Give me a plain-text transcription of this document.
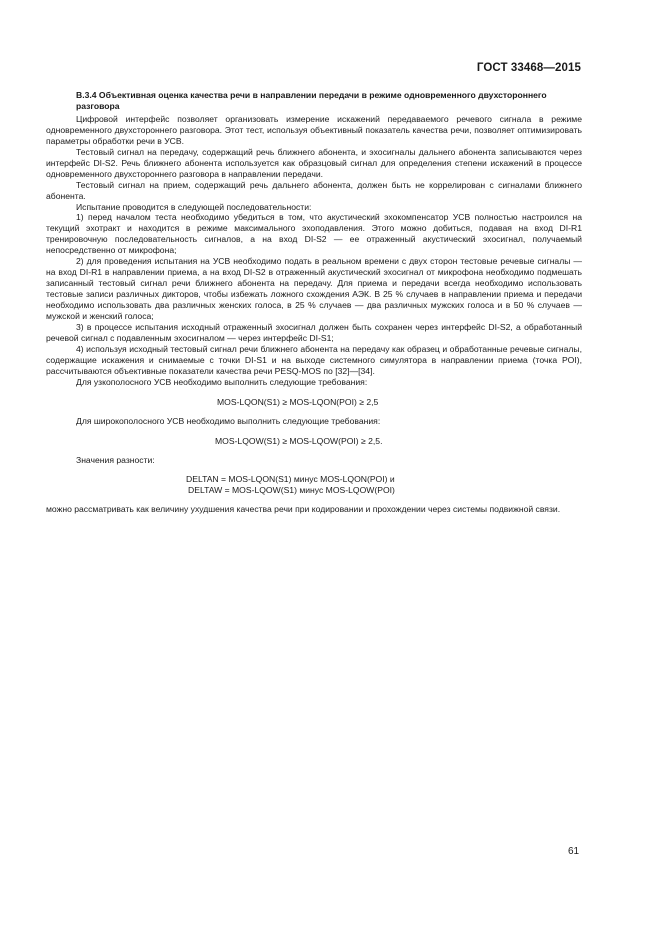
ГОСТ 33468—2015

В.3.4 Объективная оценка качества речи в направлении передачи в режиме одновременного двухстороннего разговора

Цифровой интерфейс позволяет организовать измерение искажений передаваемого речевого сигнала в режиме одновременного двухстороннего разговора. Этот тест, используя объективный показатель качества речи, позволяет оптимизировать параметры обработки речи в УСВ.

Тестовый сигнал на передачу, содержащий речь ближнего абонента, и эхосигналы дальнего абонента записываются через интерфейс DI-S2. Речь ближнего абонента используется как образцовый сигнал для определения степени искажений в процессе одновременного двухстороннего разговора в направлении передачи.

Тестовый сигнал на прием, содержащий речь дальнего абонента, должен быть не коррелирован с сигналами ближнего абонента.

Испытание проводится в следующей последовательности:

1) перед началом теста необходимо убедиться в том, что акустический эхокомпенсатор УСВ полностью настроился на текущий эхотракт и находится в режиме максимального эхоподавления. Этого можно добиться, подавая на вход DI-R1 тренировочную последовательность сигналов, а на вход DI-S2 — ее отраженный акустический эхосигнал, получаемый непосредственно от микрофона;

2) для проведения испытания на УСВ необходимо подать в реальном времени с двух сторон тестовые речевые сигналы — на вход DI-R1 в направлении приема, а на вход DI-S2 в отраженный акустический эхосигнал от микрофона необходимо подмешать записанный тестовый сигнал речи ближнего абонента на передачу. Для приема и передачи всегда необходимо использовать тестовые записи различных дикторов, чтобы избежать ложного схождения АЭК. В 25 % случаев в направлении приема и передачи необходимо использовать два различных женских голоса, в 25 % случаев — два различных мужских голоса и в 50 % случаев — мужской и женский голоса;

3) в процессе испытания исходный отраженный эхосигнал должен быть сохранен через интерфейс DI-S2, а обработанный речевой сигнал с подавленным эхосигналом — через интерфейс DI-S1;

4) используя исходный тестовый сигнал речи ближнего абонента на передачу как образец и обработанные речевые сигналы, содержащие искажения и снимаемые с точки DI-S1 и на выходе системного симулятора в направлении приема (точка POI), рассчитываются объективные показатели качества речи PESQ-MOS по [32]—[34].

Для узкополосного УСВ необходимо выполнить следующие требования:

MOS-LQON(S1) ≥ MOS-LQON(POI) ≥ 2,5

Для широкополосного УСВ необходимо выполнить следующие требования:

MOS-LQOW(S1) ≥ MOS-LQOW(POI) ≥ 2,5.

Значения разности:

DELTAN = MOS-LQON(S1) минус MOS-LQON(POI) и
DELTAW = MOS-LQOW(S1) минус MOS-LQOW(POI)

можно рассматривать как величину ухудшения качества речи при кодировании и прохождении через системы подвижной связи.

61
